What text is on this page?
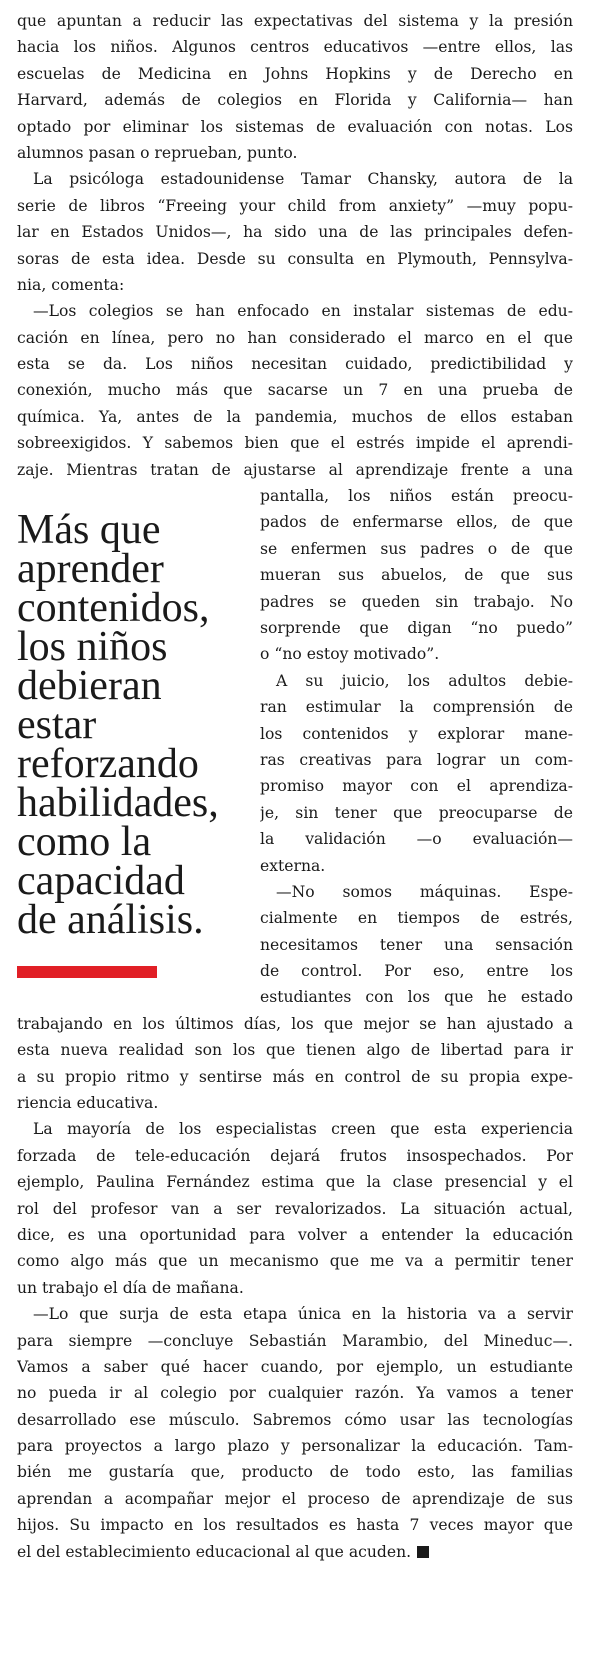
que apuntan a reducir las expectativas del sistema y la presión
hacia los niños. Algunos centros educativos —entre ellos, las
escuelas de Medicina en Johns Hopkins y de Derecho en
Harvard, además de colegios en Florida y California— han
optado por eliminar los sistemas de evaluación con notas. Los
alumnos pasan o reprueban, punto.
La psicóloga estadounidense Tamar Chansky, autora de la
serie de libros “Freeing your child from anxiety” —muy popu-
lar en Estados Unidos—, ha sido una de las principales defen-
soras de esta idea. Desde su consulta en Plymouth, Pennsylva-
nia, comenta:
—Los colegios se han enfocado en instalar sistemas de edu-
cación en línea, pero no han considerado el marco en el que
esta se da. Los niños necesitan cuidado, predictibilidad y
conexión, mucho más que sacarse un 7 en una prueba de
química. Ya, antes de la pandemia, muchos de ellos estaban
sobreexigidos. Y sabemos bien que el estrés impide el aprendi-
zaje. Mientras tratan de ajustarse al aprendizaje frente a una
Más que
aprender
contenidos,
los niños
debieran
estar
reforzando
habilidades,
como la
capacidad
de análisis.
pantalla, los niños están preocu-
pados de enfermarse ellos, de que
se enfermen sus padres o de que
mueran sus abuelos, de que sus
padres se queden sin trabajo. No
sorprende que digan “no puedo”
o “no estoy motivado”.
A su juicio, los adultos debie-
ran estimular la comprensión de
los contenidos y explorar mane-
ras creativas para lograr un com-
promiso mayor con el aprendiza-
je, sin tener que preocuparse de
la validación —o evaluación—
externa.
—No somos máquinas. Espe-
cialmente en tiempos de estrés,
necesitamos tener una sensación
de control. Por eso, entre los
estudiantes con los que he estado
trabajando en los últimos días, los que mejor se han ajustado a
esta nueva realidad son los que tienen algo de libertad para ir
a su propio ritmo y sentirse más en control de su propia expe-
riencia educativa.
La mayoría de los especialistas creen que esta experiencia
forzada de tele-educación dejará frutos insospechados. Por
ejemplo, Paulina Fernández estima que la clase presencial y el
rol del profesor van a ser revalorizados. La situación actual,
dice, es una oportunidad para volver a entender la educación
como algo más que un mecanismo que me va a permitir tener
un trabajo el día de mañana.
—Lo que surja de esta etapa única en la historia va a servir
para siempre —concluye Sebastián Marambio, del Mineduc—.
Vamos a saber qué hacer cuando, por ejemplo, un estudiante
no pueda ir al colegio por cualquier razón. Ya vamos a tener
desarrollado ese músculo. Sabremos cómo usar las tecnologías
para proyectos a largo plazo y personalizar la educación. Tam-
bién me gustaría que, producto de todo esto, las familias
aprendan a acompañar mejor el proceso de aprendizaje de sus
hijos. Su impacto en los resultados es hasta 7 veces mayor que
el del establecimiento educacional al que acuden.
